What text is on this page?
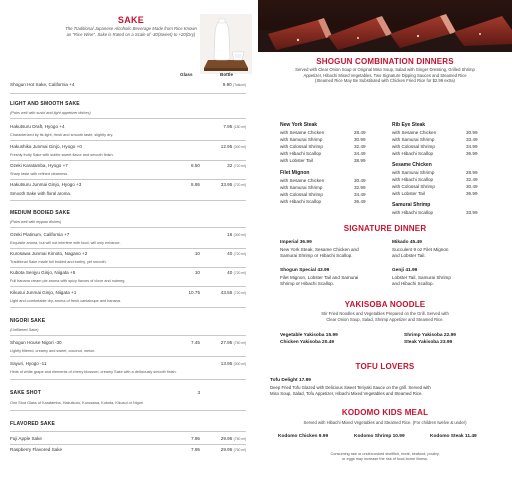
SAKE
The Traditional Japanese Alcoholic Beverage Made from Rice Known
as "Rice Wine". Sake is Rated on a Scale of -30(Sweet) to +20(Dry)
Glass	Bottle
Shogun Hot Sake, California +4	9.90 (Tokkuri)
LIGHT AND SMOOTH SAKE
(Pairs well with sushi and light appetizer dishes)
Hakutsuru Draft, Hyogo +4	7.95 (180 ml)
Characterized by its light, fresh and smooth taste, slightly dry.
Hakushika Junmai Ginjo, Hyogo +0	12.95 (300 ml)
Freshly fruity Sake with subtle sweet flavor and smooth finish.
Ozeki Karatamba, Hyogo +7	8.50	32 (720 ml)
Sharp taste with refined clearness.
Hakutsuru Junmai Ginjo, Hyogo +3	8.95	33.95 (720 ml)
Smooth Sake with floral aroma.
MEDIUM BODIED SAKE
(Pairs well with teppan dishes)
Ozeki Platinum, California +7	16 (300 ml)
Exquisite aroma, but will not interfere with food; will only enhance.
Kurosawa Junmai Kimoto, Nagano +2	10	40 (720 ml)
Traditional Sake made full bodied and earthy, yet smooth.
Kubota Senjyu Ginjo, Niigata +5	10	40 (720 ml)
Full banana cream pie aroma with spicy flavors of clove and nutmeg.
Kikusui Junmai Ginjo, Niigata +1	10.75	43.55 (720 ml)
Light and comfortable dry, aroma of fresh cantaloupe and banana.
NIGORI SAKE
(Unfiltered Sake)
Shogun House Nigori -30	7.45	27.95 (750 ml)
Lightly filtered, creamy and sweet, coconut, melon.
Sayuri, Hyogo -11	13.95 (300 ml)
Hints of white grape and elements of cherry blossom, creamy Sake with a deliciously smooth finish.
SAKE SHOT	3
One Shot Glass of Karatamba, Hakutsuru, Kurosawa, Kubota, Kikusui or Nigori
FLAVORED SAKE
Fuji Apple Sake	7.95	29.95 (750 ml)
Raspberry Flavored Sake	7.95	29.95 (750 ml)
SHOGUN COMBINATION DINNERS
Served with Clear Onion Soup or Original Miso Soup, Salad with Ginger Dressing, Grilled Shrimp
Appetizer, Hibachi Mixed Vegetables, Two Signature Dipping Sauces and Steamed Rice
(Steamed Rice May Be Substituted with Chicken Fried Rice for $2.99 extra)
New York Steak
with Sesame Chicken	28.49
with Samurai Shrimp	30.99
with Colossal Shrimp	32.49
with Hibachi Scallop	34.49
with Lobster Tail	38.99
Rib Eye Steak
with Sesame Chicken	30.99
with Samurai Shrimp	33.49
with Colossal Shrimp	34.99
with Hibachi Scallop	36.99
Filet Mignon
with Sesame Chicken	30.49
with Samurai Shrimp	32.99
with Colossal Shrimp	34.49
with Hibachi Scallop	36.49
Sesame Chicken
with Samurai Shrimp	28.99
with Hibachi Scallop	32.49
with Colossal Shrimp	30.49
with Lobster Tail	36.99
Samurai Shrimp
with Hibachi Scallop	33.99
SIGNATURE DINNER
Imperial 36.99
New York Steak, Sesame Chicken and
Samurai Shrimp or Hibachi Scallop.
Mikado 45.49
Succulent 9 oz Filet Mignon
and Lobster Tail.
Shogun Special 43.99
Filet Mignon, Lobster Tail and Samurai
Shrimp or Hibachi Scallop.
Genji 41.99
Lobster Tail, Samurai Shrimp
and Hibachi Scallop.
YAKISOBA NOODLE
Stir Fried Noodles and Vegetables Prepared on the Grill. Served with
Clear Onion Soup, Salad, Shrimp Appetizer and Steamed Rice.
Vegetable Yakisoba 15.99
Chicken Yakisoba 20.49
Shrimp Yakisoba 22.99
Steak Yakisoba 23.99
TOFU LOVERS
Tofu Delight 17.99
Deep Fried Tofu Glazed with Delicious Sweet Teriyaki Sauce on the grill. Served with
Miso Soup, Salad, Tofu Appetizer, Hibachi Mixed Vegetables and Steamed Rice.
KODOMO KIDS MEAL
Served with Hibachi Mixed Vegetables and Steamed Rice. (For children twelve & under)
Kodomo Chicken 9.99	Kodomo Shrimp 10.99	Kodomo Steak 11.49
Consuming raw or undercooked shellfish, meat, seafood, poultry,
or eggs may increase the risk of food-borne illness.
